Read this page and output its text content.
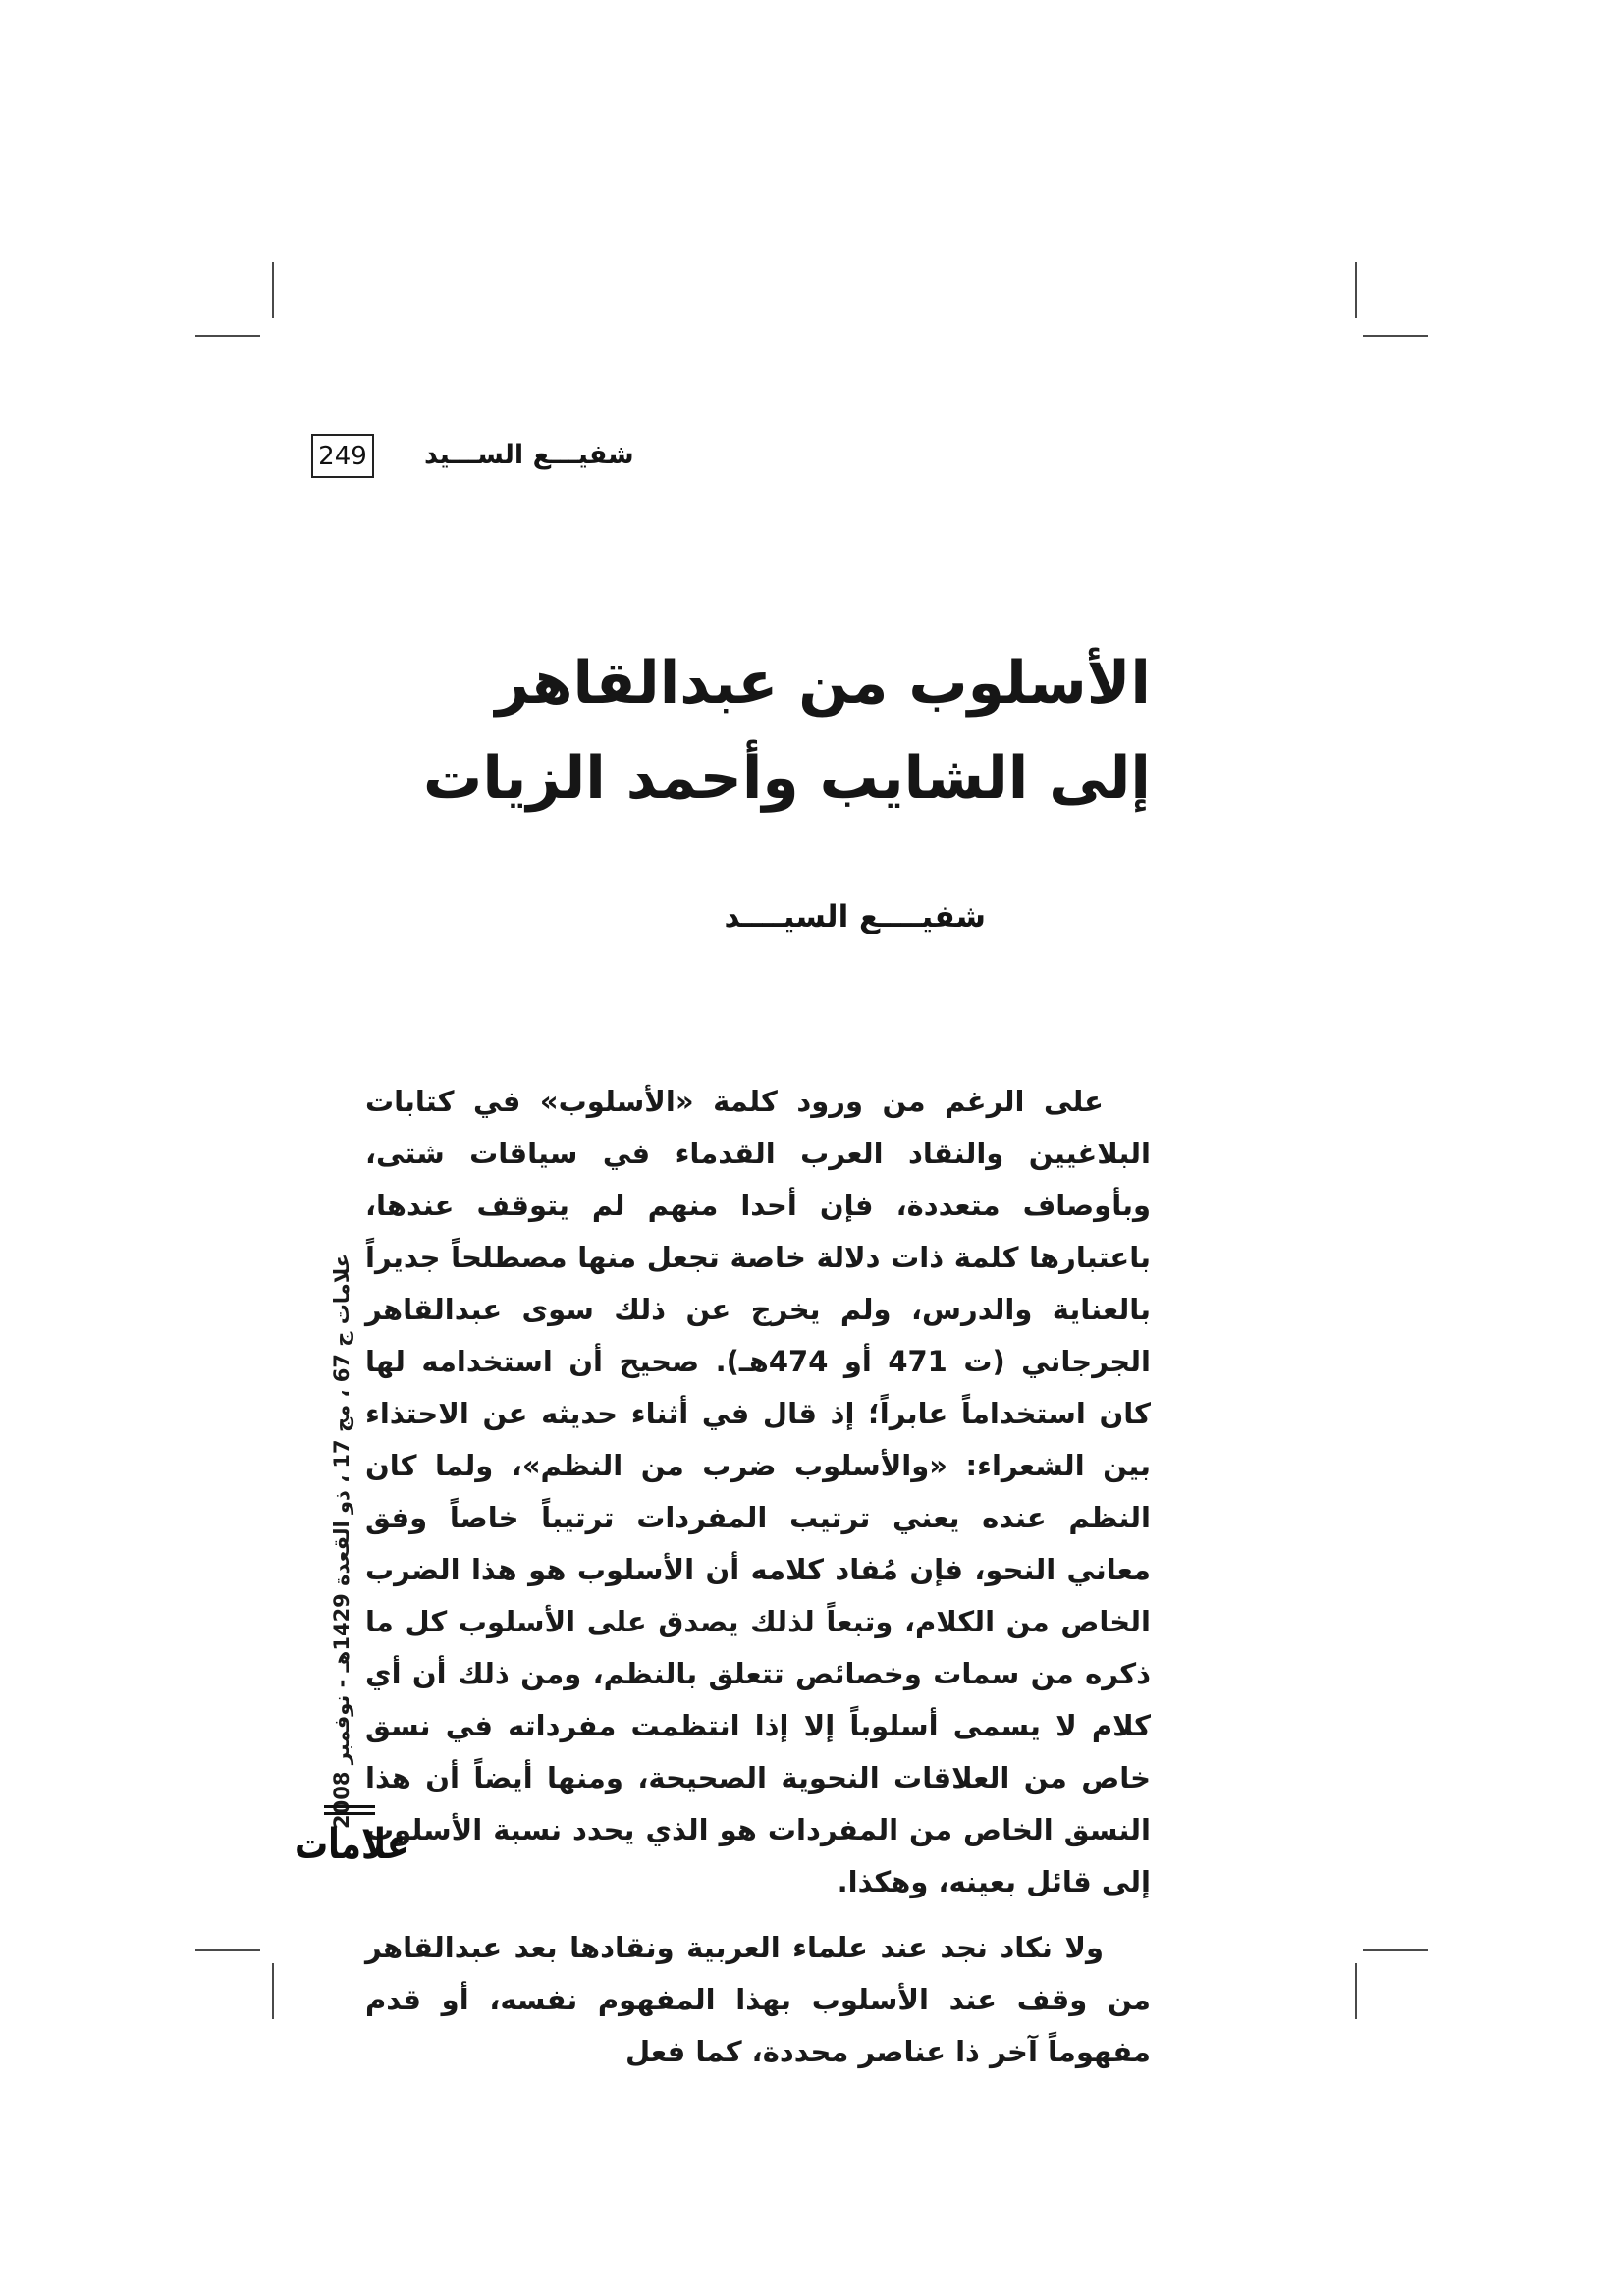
249 شفيـــع الســـيد
الأسلوب من عبدالقاهر
إلى الشايب وأحمد الزيات
شفيــــع السيــــد

على الرغم من ورود كلمة «الأسلوب» في كتابات البلاغيين والنقاد العرب القدماء في سياقات شتى، وبأوصاف متعددة، فإن أحدا منهم لم يتوقف عندها، باعتبارها كلمة ذات دلالة خاصة تجعل منها مصطلحاً جديراً بالعناية والدرس، ولم يخرج عن ذلك سوى عبدالقاهر الجرجاني (ت 471 أو 474هـ). صحيح أن استخدامه لها كان استخداماً عابراً؛ إذ قال في أثناء حديثه عن الاحتذاء بين الشعراء: «والأسلوب ضرب من النظم»، ولما كان النظم عنده يعني ترتيب المفردات ترتيباً خاصاً وفق معاني النحو، فإن مُفاد كلامه أن الأسلوب هو هذا الضرب الخاص من الكلام، وتبعاً لذلك يصدق على الأسلوب كل ما ذكره من سمات وخصائص تتعلق بالنظم، ومن ذلك أن أي كلام لا يسمى أسلوباً إلا إذا انتظمت مفرداته في نسق خاص من العلاقات النحوية الصحيحة، ومنها أيضاً أن هذا النسق الخاص من المفردات هو الذي يحدد نسبة الأسلوب إلى قائل بعينه، وهكذا.

ولا نكاد نجد عند علماء العربية ونقادها بعد عبدالقاهر من وقف عند الأسلوب بهذا المفهوم نفسه، أو قدم مفهوماً آخر ذا عناصر محددة، كما فعل

علامات ج 67 ، مج 17 ، ذو القعدة 1429هـ - نوفمبر 2008
علامات
